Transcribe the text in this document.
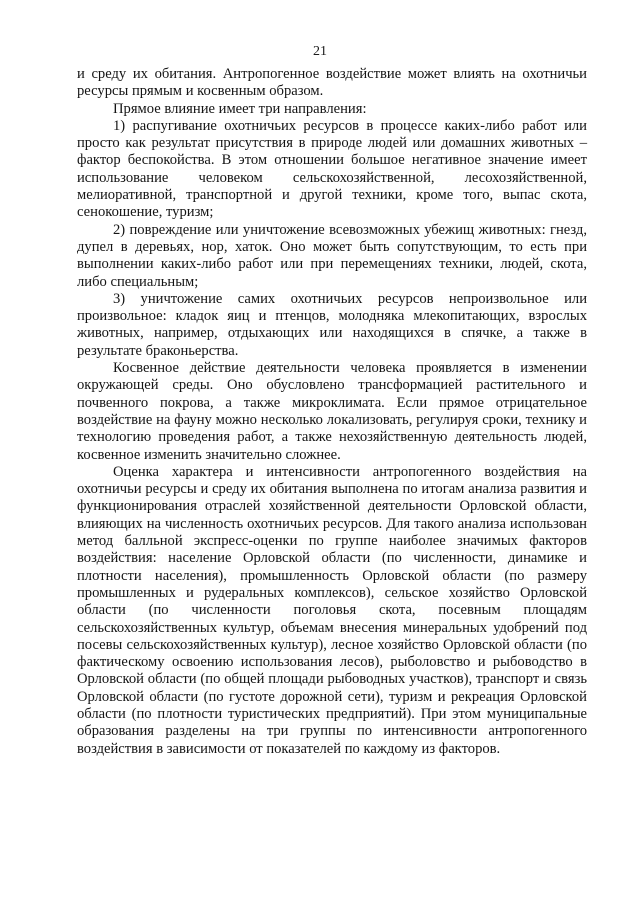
21

и среду их обитания. Антропогенное воздействие может влиять на охотничьи ресурсы прямым и косвенным образом.

Прямое влияние имеет три направления:

1) распугивание охотничьих ресурсов в процессе каких-либо работ или просто как результат присутствия в природе людей или домашних животных – фактор беспокойства. В этом отношении большое негативное значение имеет использование человеком сельскохозяйственной, лесохозяйственной, мелиоративной, транспортной и другой техники, кроме того, выпас скота, сенокошение, туризм;

2) повреждение или уничтожение всевозможных убежищ животных: гнезд, дупел в деревьях, нор, хаток. Оно может быть сопутствующим, то есть при выполнении каких-либо работ или при перемещениях техники, людей, скота, либо специальным;

3) уничтожение самих охотничьих ресурсов непроизвольное или произвольное: кладок яиц и птенцов, молодняка млекопитающих, взрослых животных, например, отдыхающих или находящихся в спячке, а также в результате браконьерства.

Косвенное действие деятельности человека проявляется в изменении окружающей среды. Оно обусловлено трансформацией растительного и почвенного покрова, а также микроклимата. Если прямое отрицательное воздействие на фауну можно несколько локализовать, регулируя сроки, технику и технологию проведения работ, а также нехозяйственную деятельность людей, косвенное изменить значительно сложнее.

Оценка характера и интенсивности антропогенного воздействия на охотничьи ресурсы и среду их обитания выполнена по итогам анализа развития и функционирования отраслей хозяйственной деятельности Орловской области, влияющих на численность охотничьих ресурсов. Для такого анализа использован метод балльной экспресс-оценки по группе наиболее значимых факторов воздействия: население Орловской области (по численности, динамике и плотности населения), промышленность Орловской области (по размеру промышленных и рудеральных комплексов), сельское хозяйство Орловской области (по численности поголовья скота, посевным площадям сельскохозяйственных культур, объемам внесения минеральных удобрений под посевы сельскохозяйственных культур), лесное хозяйство Орловской области (по фактическому освоению использования лесов), рыболовство и рыбоводство в Орловской области (по общей площади рыбоводных участков), транспорт и связь Орловской области (по густоте дорожной сети), туризм и рекреация Орловской области (по плотности туристических предприятий). При этом муниципальные образования разделены на три группы по интенсивности антропогенного воздействия в зависимости от показателей по каждому из факторов.
